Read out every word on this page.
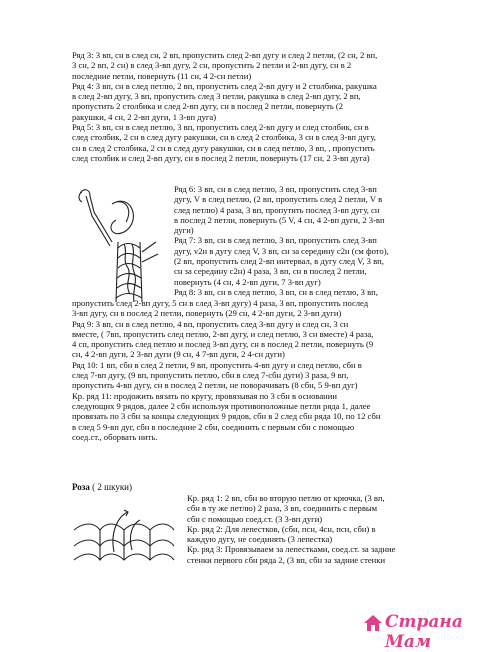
Ряд 3: 3 вп, сн в след сн, 2 вп, пропустить след 2-вп дугу и след 2 петли, (2 сн, 2 вп,
3 сн, 2 вп, 2 сн) в след 3-вп дугу, 2 сн, пропустить 2 петли и 2-вп дугу, сн в 2
последние петли, повернуть (11 сн, 4 2-сн петли)
Ряд 4: 3 вп, сн в след петлю, 2 вп, пропустить след 2-вп дугу и 2 столбика, ракушка
в след 2-вп дугу, 3 вп, пропустить след 3 петли, ракушка в след 2-вп дугу, 2 вп,
пропустить 2 столбика и след 2-вп дугу, сн в послед 2 петли, повернуть (2
ракушки, 4 сн, 2 2-вп дуги, 1 3-вп дуга)
Ряд 5: 3 вп, сн в след петлю, 3 вп, пропустить след 2-вп дугу и след столбик, сн в
след столбик, 2 сн в след дугу ракушки, сн в след 2 столбика, 3 сн в след 3-вп дугу,
сн в след 2 столбика, 2 сн в след дугу ракушки, сн в след петлю, 3 вп, , пропустить
след столбик и след 2-вп дугу, сн в послед 2 петли, повернуть (17 сн, 2 3-вп дуга)
Ряд 6: 3 вп, сн в след петлю, 3 вп, пропустить след 3-вп
дугу, V в след петлю, (2 вп, пропустить след 2 петли, V в
след петлю) 4 раза, 3 вп, пропутить послед 3-вп дугу, сн
в послед 2 петли, повернуть (5 V, 4 сн, 4 2-вп дуги, 2 3-вп
дуги)
Ряд 7: 3 вп, сн в след петлю, 3 вп, пропустить след 3-вп
дугу, v2н в дугу след V, 3 вп, сн за середину с2н (см фото),
(2 вп, пропустить след 2-вп интервал, в дугу след V, 3 вп,
сн за середину с2н) 4 раза, 3 вп, сн в послед 2 петли,
повернуть (4 сн, 4 2-вп дуги, 7 3-вп дуг)
Ряд 8: 3 вп, сн в след петлю, 3 вп, сн в след петлю, 3 вп,
пропустить след 2-вп дугу, 5 сн в след 3-вп дугу) 4 раза, 3 вп, пропустить послед
3-вп дугу, сн в послед 2 петли, повернуть (29 сн, 4 2-вп дуги, 2 3-вп дуги)
Ряд 9: 3 вп, сн в след петлю, 4 вп, пропустить след 3-вп дугу и след сн, 3 сн
вместе, ( 7вп, пропустить след петлю, 2-вп дугу, и след петлю, 3 сн вместе) 4 раза,
4 сп, пропустить след петлю и послед 3-вп дугу, сн в послед 2 петли, повернуть (9
сн, 4 2-вп дуги, 2 3-вп дуги (9 сн, 4 7-вп дуги, 2 4-сн дуги)
Ряд 10: 1 вп, сбн в след 2 петли, 9 вп, пропустить 4-вп дугу и след петлю, сбн в
след 7-вп дугу, (9 вп, пропустить петлю, сбн в след 7-сбн дуги) 3 раза, 9 вп,
пропустить 4-вп дугу, сн в послед 2 петли, не поворачивать (8 сбн, 5 9-вп дуг)
Кр. ряд 11: продожить вязать по кругу, провязывая по 3 сбн в основании
следующих 9 рядов, далее 2 сбн используя противоположные петли ряда 1, далее
провязать по 3 сбн за концы следующих 9 рядов, сбн в 2 след сбн ряда 10, по 12 сбн
в след 5 9-вп дуг, сбн в последние 2 сбн, соединить с первым сбн с помощью
соед.ст., оборвать нить.
Роза ( 2 шкуки)
Кр. ряд 1: 2 вп, сбн во вторую петлю от крючка, (3 вп,
сбн в ту же петлю) 2 раза, 3 вп, соединить с первым
сбн с помощью соед.ст. (3 3-вп дуги)
Кр. ряд 2: Для лепестков, (сбн, псн, 4сн, псн, сбн) в
каждую дугу, не соединять (3 лепестка)
Кр. ряд 3: Провязываем за лепестками, соед.ст. за задние
стенки первого сбн ряда 2, (3 вп, сбн за задние стенки
Страна Мам
